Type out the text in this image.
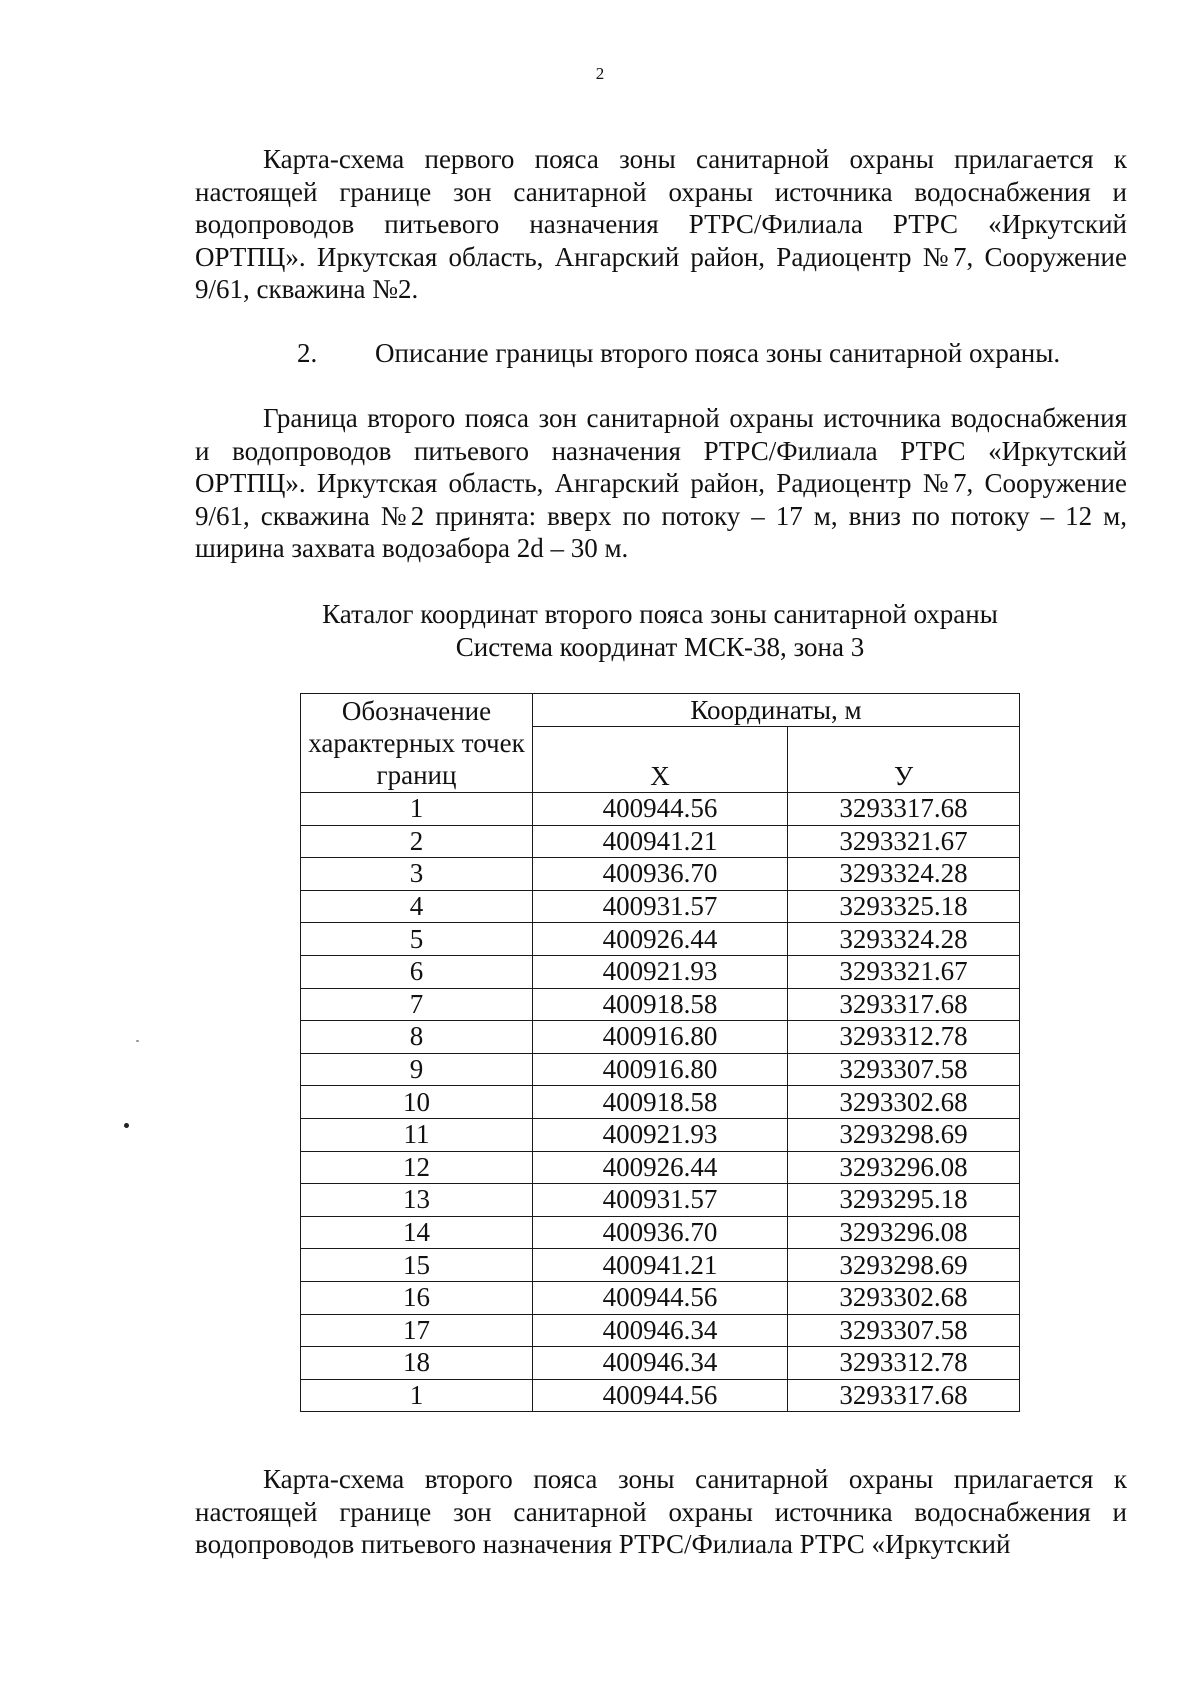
2

Карта-схема первого пояса зоны санитарной охраны прилагается к настоящей границе зон санитарной охраны источника водоснабжения и водопроводов питьевого назначения РТРС/Филиала РТРС «Иркутский ОРТПЦ». Иркутская область, Ангарский район, Радиоцентр №7, Сооружение 9/61, скважина №2.

2. Описание границы второго пояса зоны санитарной охраны.

Граница второго пояса зон санитарной охраны источника водоснабжения и водопроводов питьевого назначения РТРС/Филиала РТРС «Иркутский ОРТПЦ». Иркутская область, Ангарский район, Радиоцентр №7, Сооружение 9/61, скважина №2 принята: вверх по потоку – 17 м, вниз по потоку – 12 м, ширина захвата водозабора 2d – 30 м.

Каталог координат второго пояса зоны санитарной охраны
Система координат МСК-38, зона 3
Обозначение характерных точек границ	Координаты, м	
	Х	У
1	400944.56	3293317.68
2	400941.21	3293321.67
3	400936.70	3293324.28
4	400931.57	3293325.18
5	400926.44	3293324.28
6	400921.93	3293321.67
7	400918.58	3293317.68
8	400916.80	3293312.78
9	400916.80	3293307.58
10	400918.58	3293302.68
11	400921.93	3293298.69
12	400926.44	3293296.08
13	400931.57	3293295.18
14	400936.70	3293296.08
15	400941.21	3293298.69
16	400944.56	3293302.68
17	400946.34	3293307.58
18	400946.34	3293312.78
1	400944.56	3293317.68

Карта-схема второго пояса зоны санитарной охраны прилагается к настоящей границе зон санитарной охраны источника водоснабжения и водопроводов питьевого назначения РТРС/Филиала РТРС «Иркутский
